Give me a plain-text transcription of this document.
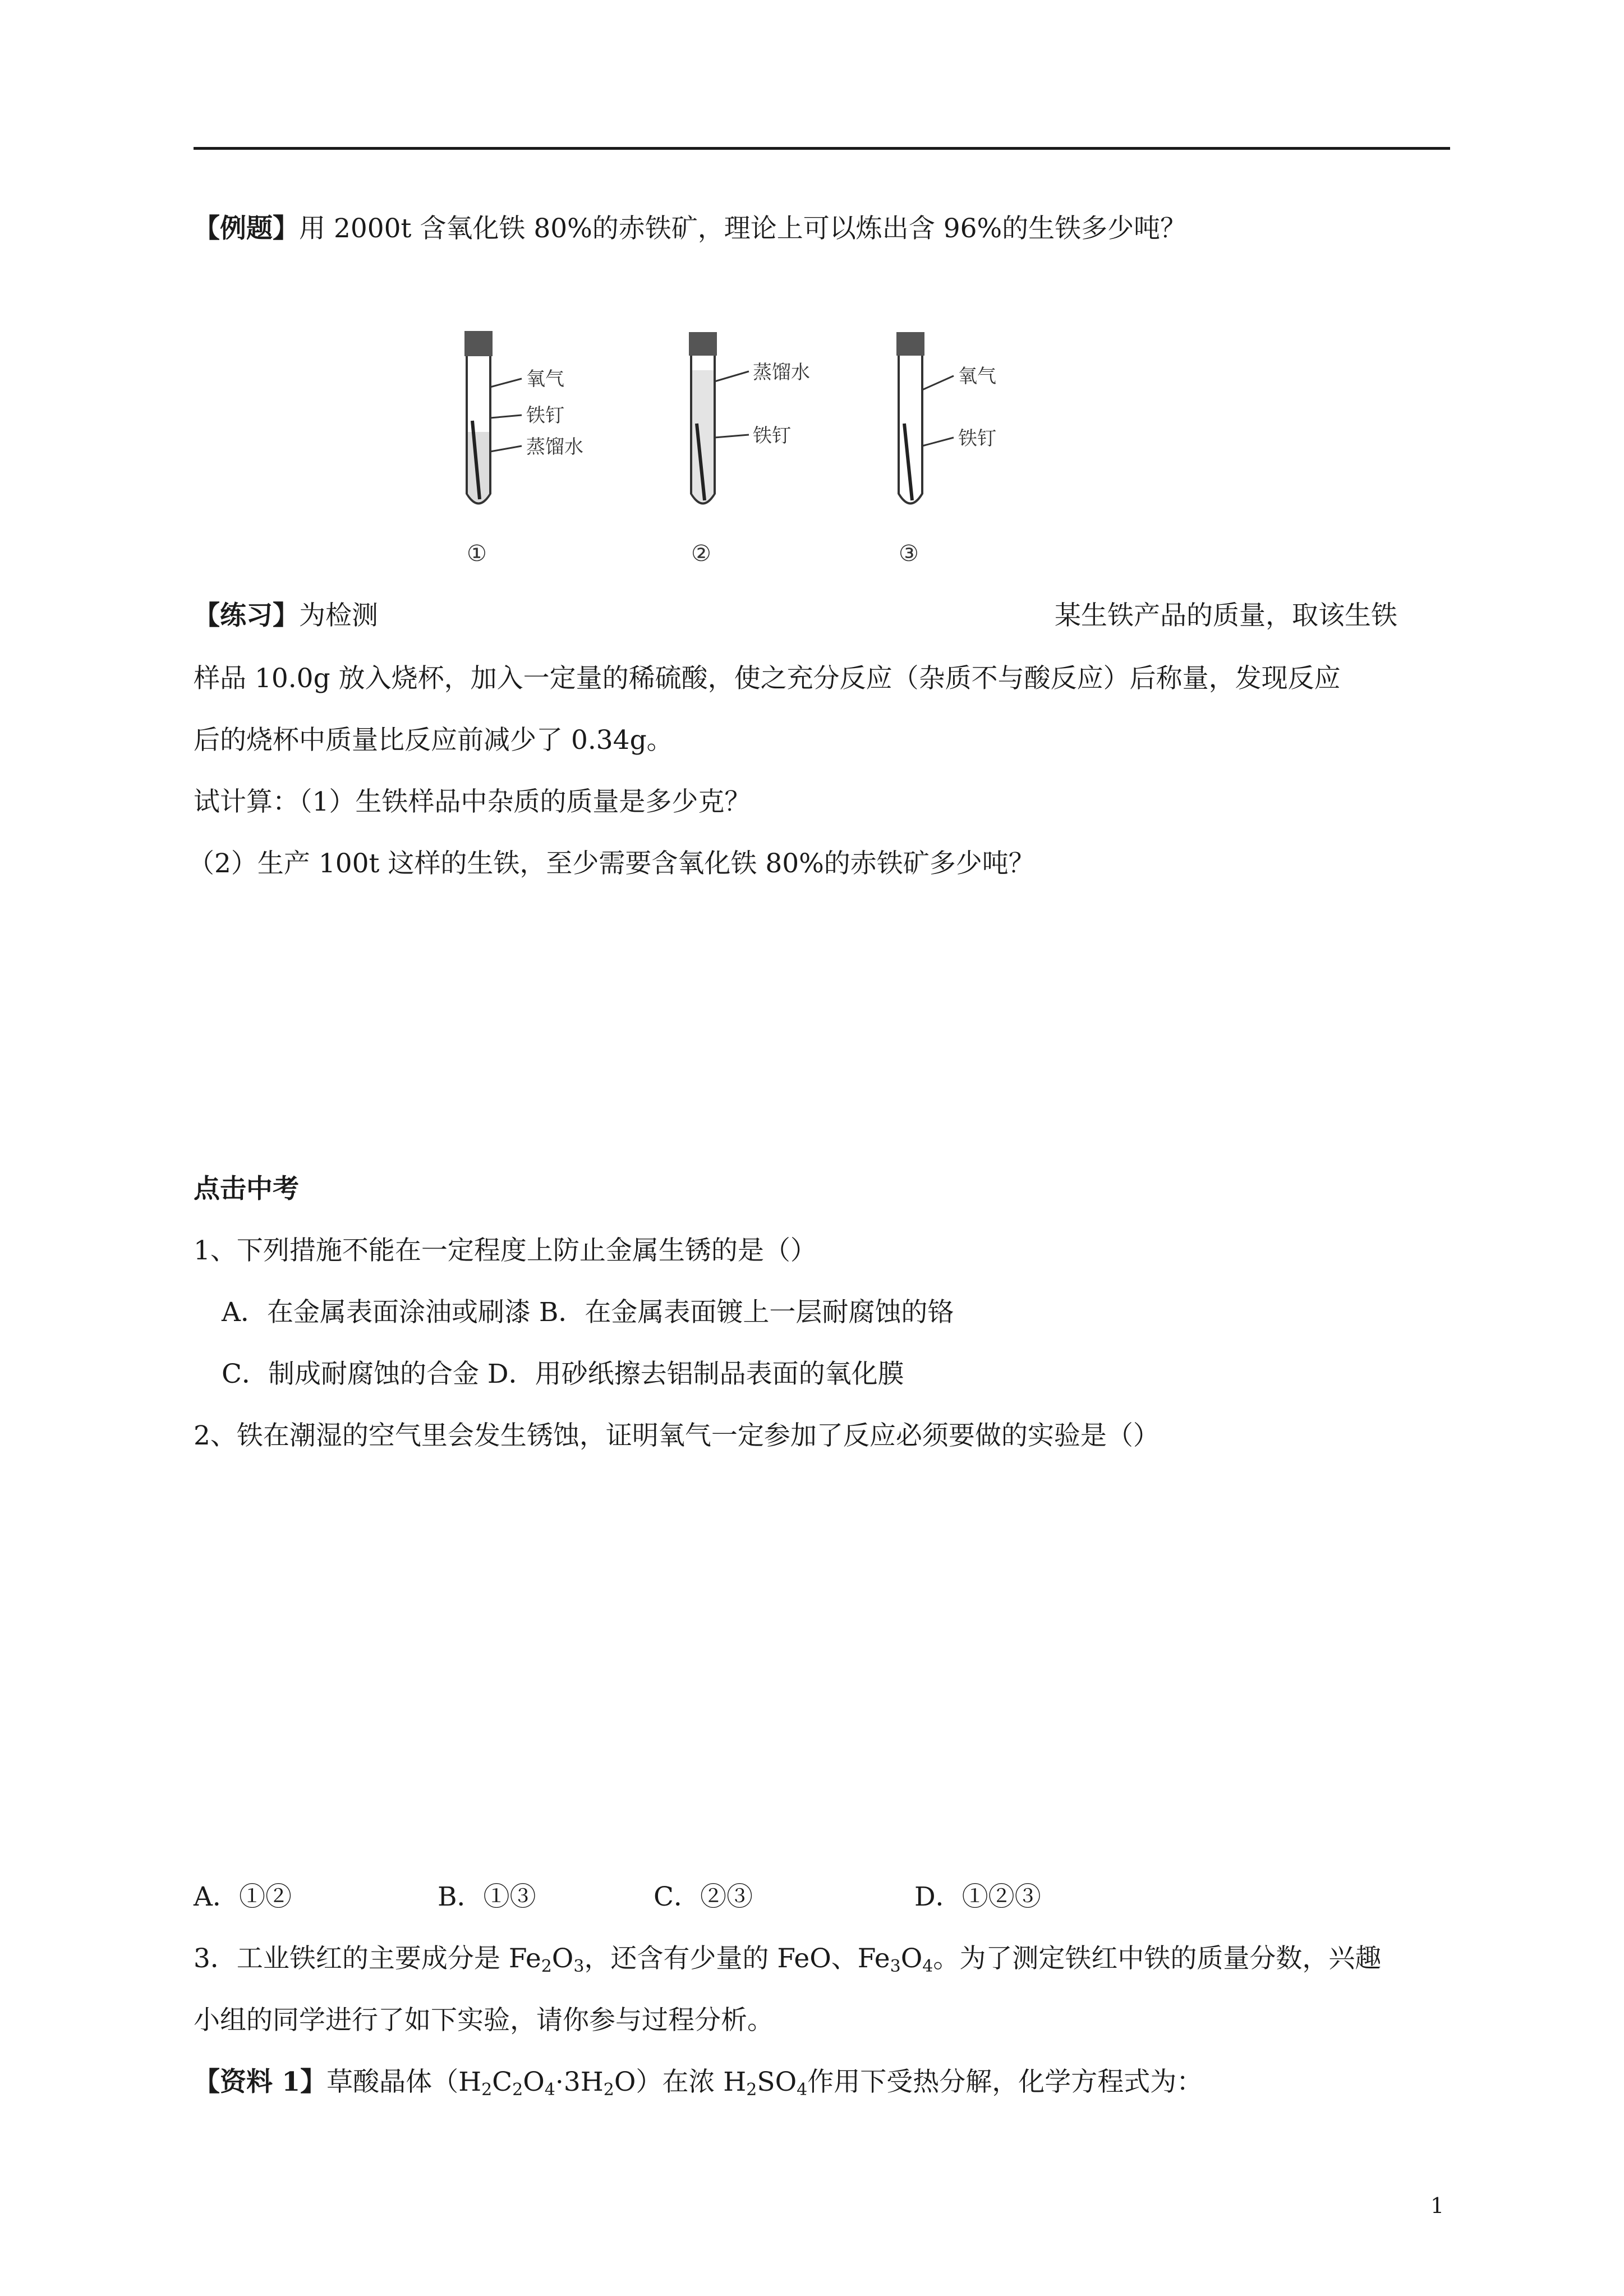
【例题】用 2000t 含氧化铁 80%的赤铁矿，理论上可以炼出含 96%的生铁多少吨？
氧气
铁钉
蒸馏水
①
蒸馏水
铁钉
②
氧气
铁钉
③
【练习】为检测	某生铁产品的质量，取该生铁
样品 10.0g 放入烧杯，加入一定量的稀硫酸，使之充分反应（杂质不与酸反应）后称量，发现反应
后的烧杯中质量比反应前减少了 0.34g。
试计算：（1）生铁样品中杂质的质量是多少克？
（2）生产 100t 这样的生铁，至少需要含氧化铁 80%的赤铁矿多少吨？
点击中考
1、下列措施不能在一定程度上防止金属生锈的是（）
A．在金属表面涂油或刷漆 B．在金属表面镀上一层耐腐蚀的铬
C．制成耐腐蚀的合金 D．用砂纸擦去铝制品表面的氧化膜
2、铁在潮湿的空气里会发生锈蚀，证明氧气一定参加了反应必须要做的实验是（）
A．①②	B．①③	C．②③	D．①②③
3．工业铁红的主要成分是 $Fe_2O_3$，还含有少量的 FeO、$Fe_3O_4$。为了测定铁红中铁的质量分数，兴趣
小组的同学进行了如下实验，请你参与过程分析。
【资料 1】草酸晶体$(H_2C_2O_4\cdot 3H_2O)$在浓 $H_2SO_4$作用下受热分解，化学方程式为：
1
